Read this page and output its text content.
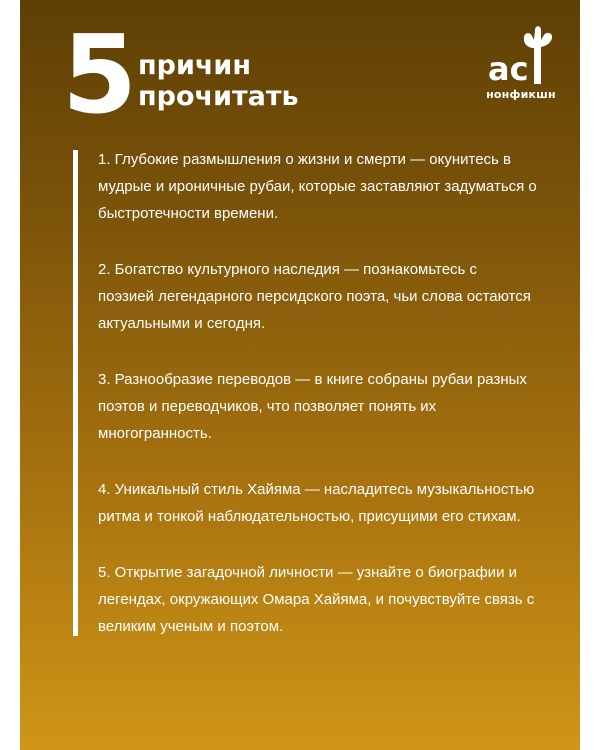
5 причин
прочитать
ac
нонфикшн
1. Глубокие размышления о жизни и смерти — окунитесь в
мудрые и ироничные рубаи, которые заставляют задуматься о
быстротечности времени.
2. Богатство культурного наследия — познакомьтесь с
поэзией легендарного персидского поэта, чьи слова остаются
актуальными и сегодня.
3. Разнообразие переводов — в книге собраны рубаи разных
поэтов и переводчиков, что позволяет понять их
многогранность.
4. Уникальный стиль Хайяма — насладитесь музыкальностью
ритма и тонкой наблюдательностью, присущими его стихам.
5. Открытие загадочной личности — узнайте о биографии и
легендах, окружающих Омара Хайяма, и почувствуйте связь с
великим ученым и поэтом.
